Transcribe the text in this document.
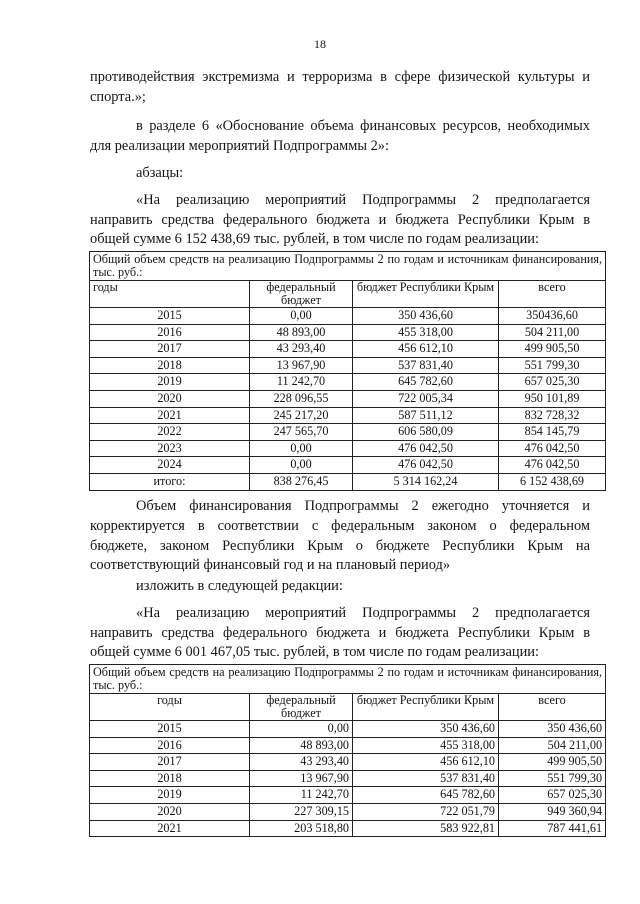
18

противодействия экстремизма и терроризма в сфере физической культуры и

спорта.»;

в разделе 6 «Обоснование объема финансовых ресурсов, необходимых

для реализации мероприятий Подпрограммы 2»:

абзацы:

«На реализацию мероприятий Подпрограммы 2 предполагается

направить средства федерального бюджета и бюджета Республики Крым в

общей сумме 6 152 438,69 тыс. рублей, в том числе по годам реализации:

Общий объем средств на реализацию Подпрограммы 2 по годам и источникам финансирования, тыс. руб.:			
годы	федеральный бюджет	бюджет Республики Крым	всего
2015	0,00	350 436,60	350436,60
2016	48 893,00	455 318,00	504 211,00
2017	43 293,40	456 612,10	499 905,50
2018	13 967,90	537 831,40	551 799,30
2019	11 242,70	645 782,60	657 025,30
2020	228 096,55	722 005,34	950 101,89
2021	245 217,20	587 511,12	832 728,32
2022	247 565,70	606 580,09	854 145,79
2023	0,00	476 042,50	476 042,50
2024	0,00	476 042,50	476 042,50
итого:	838 276,45	5 314 162,24	6 152 438,69

Объем финансирования Подпрограммы 2 ежегодно уточняется и

корректируется в соответствии с федеральным законом о федеральном

бюджете, законом Республики Крым о бюджете Республики Крым на

соответствующий финансовый год и на плановый период»

изложить в следующей редакции:

«На реализацию мероприятий Подпрограммы 2 предполагается

направить средства федерального бюджета и бюджета Республики Крым в

общей сумме 6 001 467,05 тыс. рублей, в том числе по годам реализации:

Общий объем средств на реализацию Подпрограммы 2 по годам и источникам финансирования, тыс. руб.:			
годы	федеральный бюджет	бюджет Республики Крым	всего
2015	0,00	350 436,60	350 436,60
2016	48 893,00	455 318,00	504 211,00
2017	43 293,40	456 612,10	499 905,50
2018	13 967,90	537 831,40	551 799,30
2019	11 242,70	645 782,60	657 025,30
2020	227 309,15	722 051,79	949 360,94
2021	203 518,80	583 922,81	787 441,61
